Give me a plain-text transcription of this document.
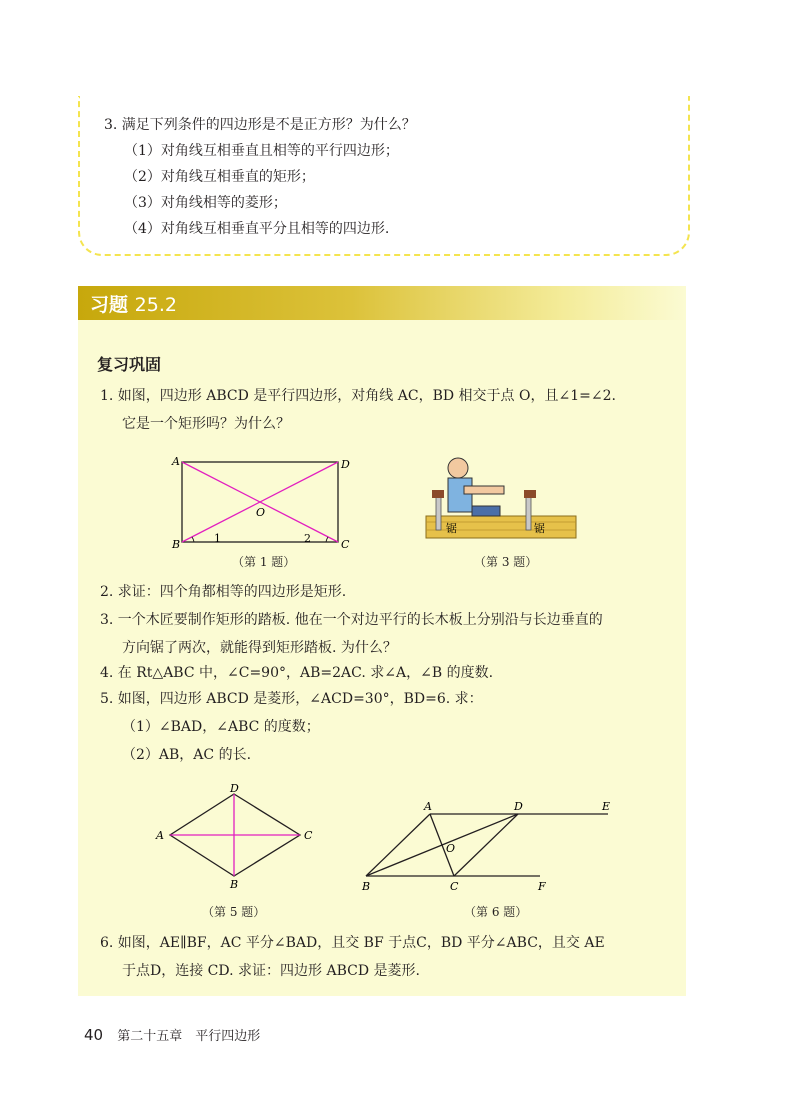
3. 满足下列条件的四边形是不是正方形？为什么？
（1）对角线互相垂直且相等的平行四边形；
（2）对角线互相垂直的矩形；
（3）对角线相等的菱形；
（4）对角线互相垂直平分且相等的四边形.
习题 25.2
复习巩固
1. 如图，四边形 ABCD 是平行四边形，对角线 AC，BD 相交于点 O，且∠1=∠2.
它是一个矩形吗？为什么？
A
B	C
D
O
1	2
（第 1 题）
锯	锯
（第 3 题）
2. 求证：四个角都相等的四边形是矩形.
3. 一个木匠要制作矩形的踏板. 他在一个对边平行的长木板上分别沿与长边垂直的
方向锯了两次，就能得到矩形踏板. 为什么？
4. 在 Rt△ABC 中，∠C=90°，AB=2AC. 求∠A，∠B 的度数.
5. 如图，四边形 ABCD 是菱形，∠ACD=30°，BD=6. 求：
（1）∠BAD，∠ABC 的度数；
（2）AB，AC 的长.
D
A	C
B
（第 5 题）
A	D	E
B	C	F
O
（第 6 题）
6. 如图，AE∥BF，AC 平分∠BAD，且交 BF 于点C，BD 平分∠ABC，且交 AE
于点D，连接 CD. 求证：四边形 ABCD 是菱形.
40 第二十五章　平行四边形
